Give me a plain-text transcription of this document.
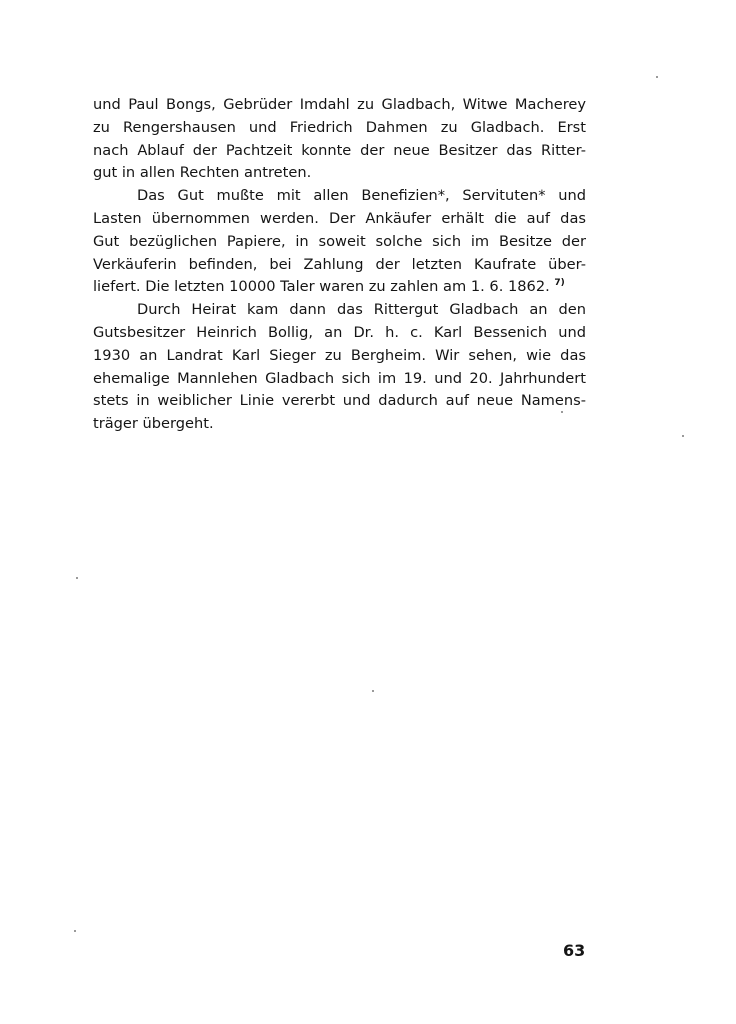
und Paul Bongs, Gebrüder Imdahl zu Gladbach, Witwe Macherey
zu Rengershausen und Friedrich Dahmen zu Gladbach. Erst
nach Ablauf der Pachtzeit konnte der neue Besitzer das Ritter-
gut in allen Rechten antreten.
Das Gut mußte mit allen Benefizien*, Servituten* und
Lasten übernommen werden. Der Ankäufer erhält die auf das
Gut bezüglichen Papiere, in soweit solche sich im Besitze der
Verkäuferin befinden, bei Zahlung der letzten Kaufrate über-
liefert. Die letzten 10000 Taler waren zu zahlen am 1. 6. 1862. $^{7)}$
Durch Heirat kam dann das Rittergut Gladbach an den
Gutsbesitzer Heinrich Bollig, an Dr. h. c. Karl Bessenich und
1930 an Landrat Karl Sieger zu Bergheim. Wir sehen, wie das
ehemalige Mannlehen Gladbach sich im 19. und 20. Jahrhundert
stets in weiblicher Linie vererbt und dadurch auf neue Namens-
träger übergeht.
63
